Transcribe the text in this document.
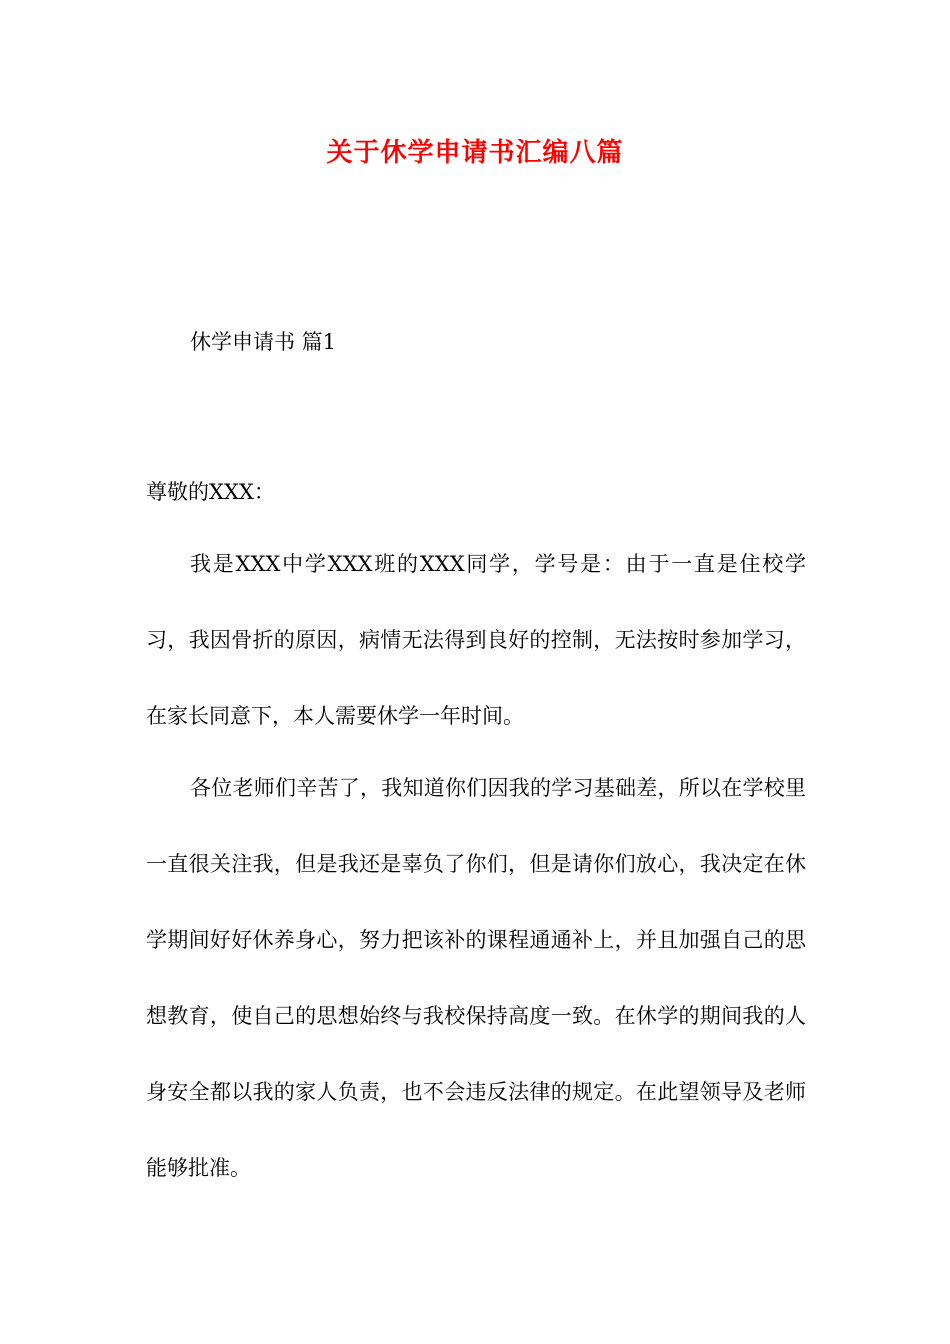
关于休学申请书汇编八篇
休学申请书 篇1
尊敬的XXX：
我是XXX中学XXX班的XXX同学，学号是：由于一直是住校学习，我因骨折的原因，病情无法得到良好的控制，无法按时参加学习，在家长同意下，本人需要休学一年时间。
各位老师们辛苦了，我知道你们因我的学习基础差，所以在学校里一直很关注我，但是我还是辜负了你们，但是请你们放心，我决定在休学期间好好休养身心，努力把该补的课程通通补上，并且加强自己的思想教育，使自己的思想始终与我校保持高度一致。在休学的期间我的人身安全都以我的家人负责，也不会违反法律的规定。在此望领导及老师能够批准。
